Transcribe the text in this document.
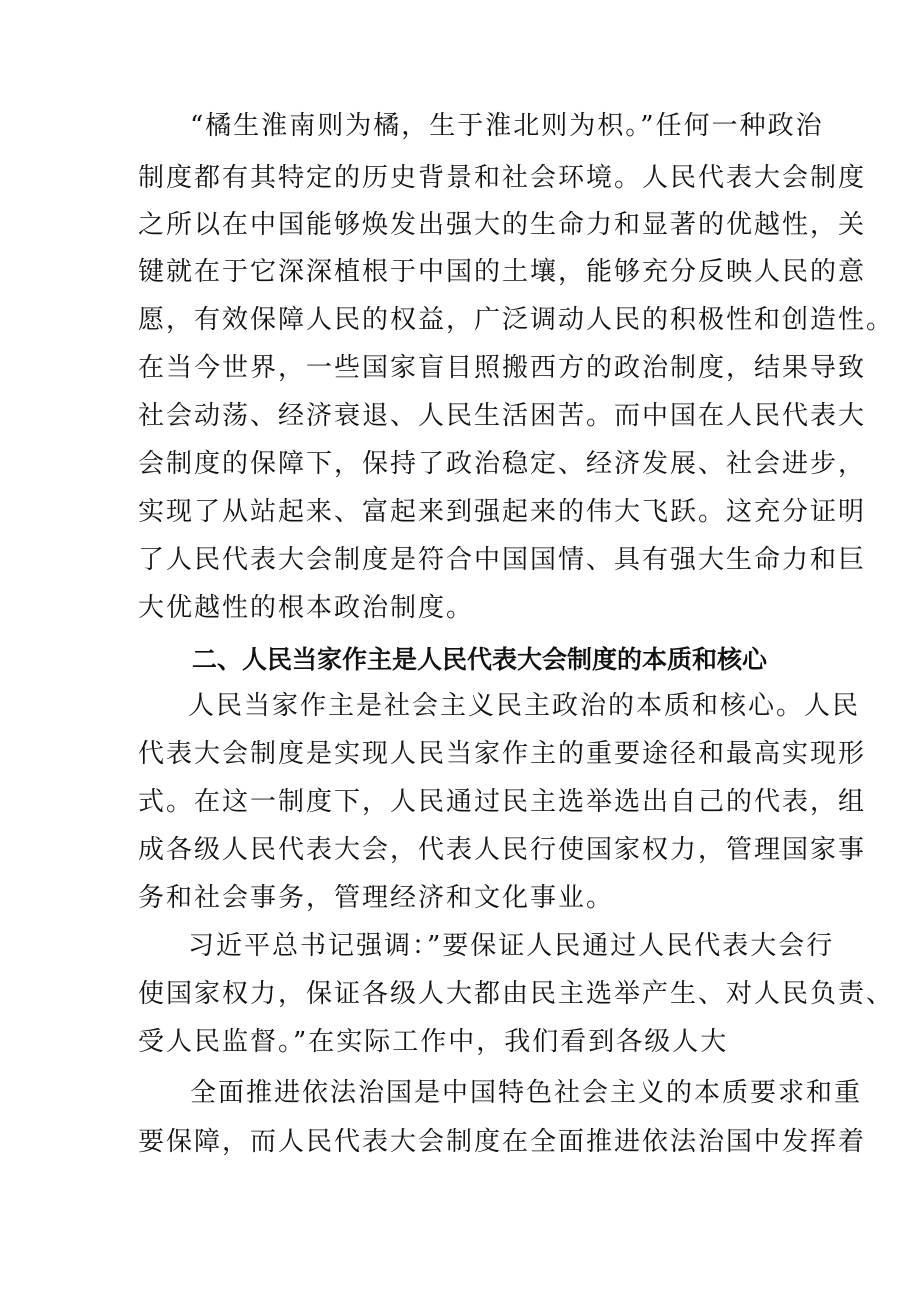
“橘生淮南则为橘，生于淮北则为枳。”任何一种政治
制度都有其特定的历史背景和社会环境。人民代表大会制度
之所以在中国能够焕发出强大的生命力和显著的优越性，关
键就在于它深深植根于中国的土壤，能够充分反映人民的意
愿，有效保障人民的权益，广泛调动人民的积极性和创造性。
在当今世界，一些国家盲目照搬西方的政治制度，结果导致
社会动荡、经济衰退、人民生活困苦。而中国在人民代表大
会制度的保障下，保持了政治稳定、经济发展、社会进步，
实现了从站起来、富起来到强起来的伟大飞跃。这充分证明
了人民代表大会制度是符合中国国情、具有强大生命力和巨
大优越性的根本政治制度。
二、人民当家作主是人民代表大会制度的本质和核心
人民当家作主是社会主义民主政治的本质和核心。人民
代表大会制度是实现人民当家作主的重要途径和最高实现形
式。在这一制度下，人民通过民主选举选出自己的代表，组
成各级人民代表大会，代表人民行使国家权力，管理国家事
务和社会事务，管理经济和文化事业。
习近平总书记强调：”要保证人民通过人民代表大会行
使国家权力，保证各级人大都由民主选举产生、对人民负责、
受人民监督。”在实际工作中，我们看到各级人大
全面推进依法治国是中国特色社会主义的本质要求和重
要保障，而人民代表大会制度在全面推进依法治国中发挥着
